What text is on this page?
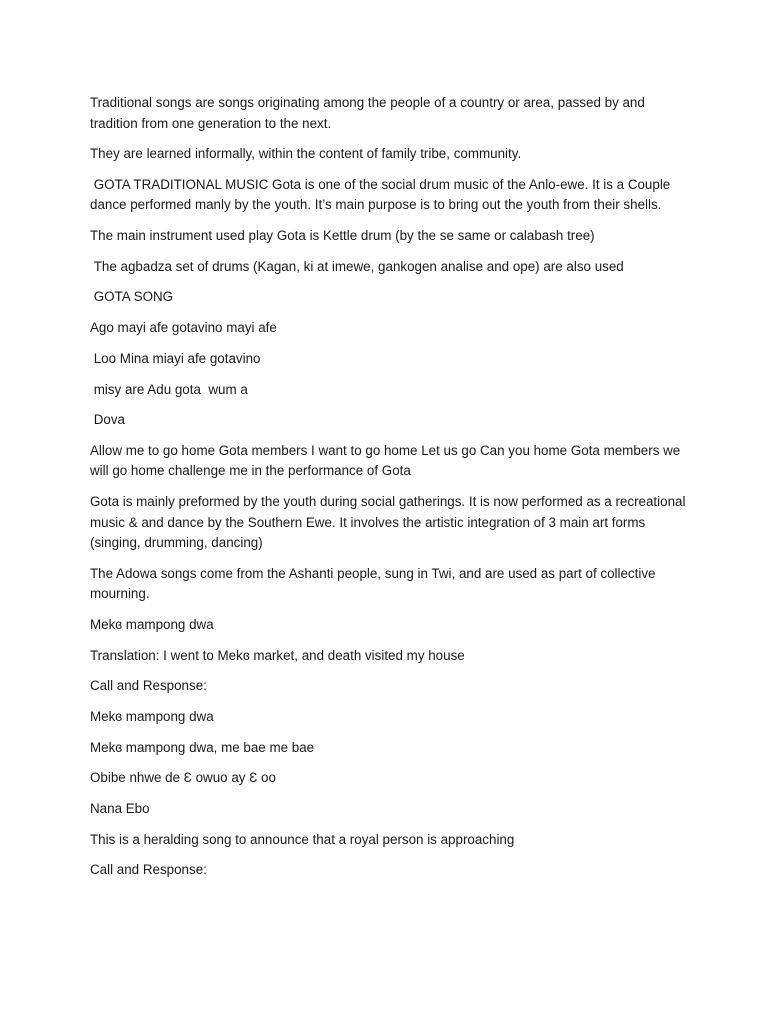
Traditional songs are songs originating among the people of a country or area, passed by and tradition from one generation to the next.

They are learned informally, within the content of family tribe, community.

GOTA TRADITIONAL MUSIC Gota is one of the social drum music of the Anlo-ewe. It is a Couple dance performed manly by the youth. It’s main purpose is to bring out the youth from their shells.

The main instrument used play Gota is Kettle drum (by the se same or calabash tree)

The agbadza set of drums (Kagan, ki at imewe, gankogen analise and ope) are also used

GOTA SONG

Ago mayi afe gotavino mayi afe

Loo Mina miayi afe gotavino

misy are Adu gota  wum a

Dova

Allow me to go home Gota members I want to go home Let us go Can you home Gota members we will go home challenge me in the performance of Gota

Gota is mainly preformed by the youth during social gatherings. It is now performed as a recreational music & and dance by the Southern Ewe. It involves the artistic integration of 3 main art forms (singing, drumming, dancing)

The Adowa songs come from the Ashanti people, sung in Twi, and are used as part of collective mourning.

Mekɞ mampong dwa

Translation: I went to Mekɞ market, and death visited my house

Call and Response:

Mekɞ mampong dwa

Mekɞ mampong dwa, me bae me bae

Obibe nhwe de Ɛ owuo ay Ɛ oo

Nana Ebo

This is a heralding song to announce that a royal person is approaching

Call and Response:
